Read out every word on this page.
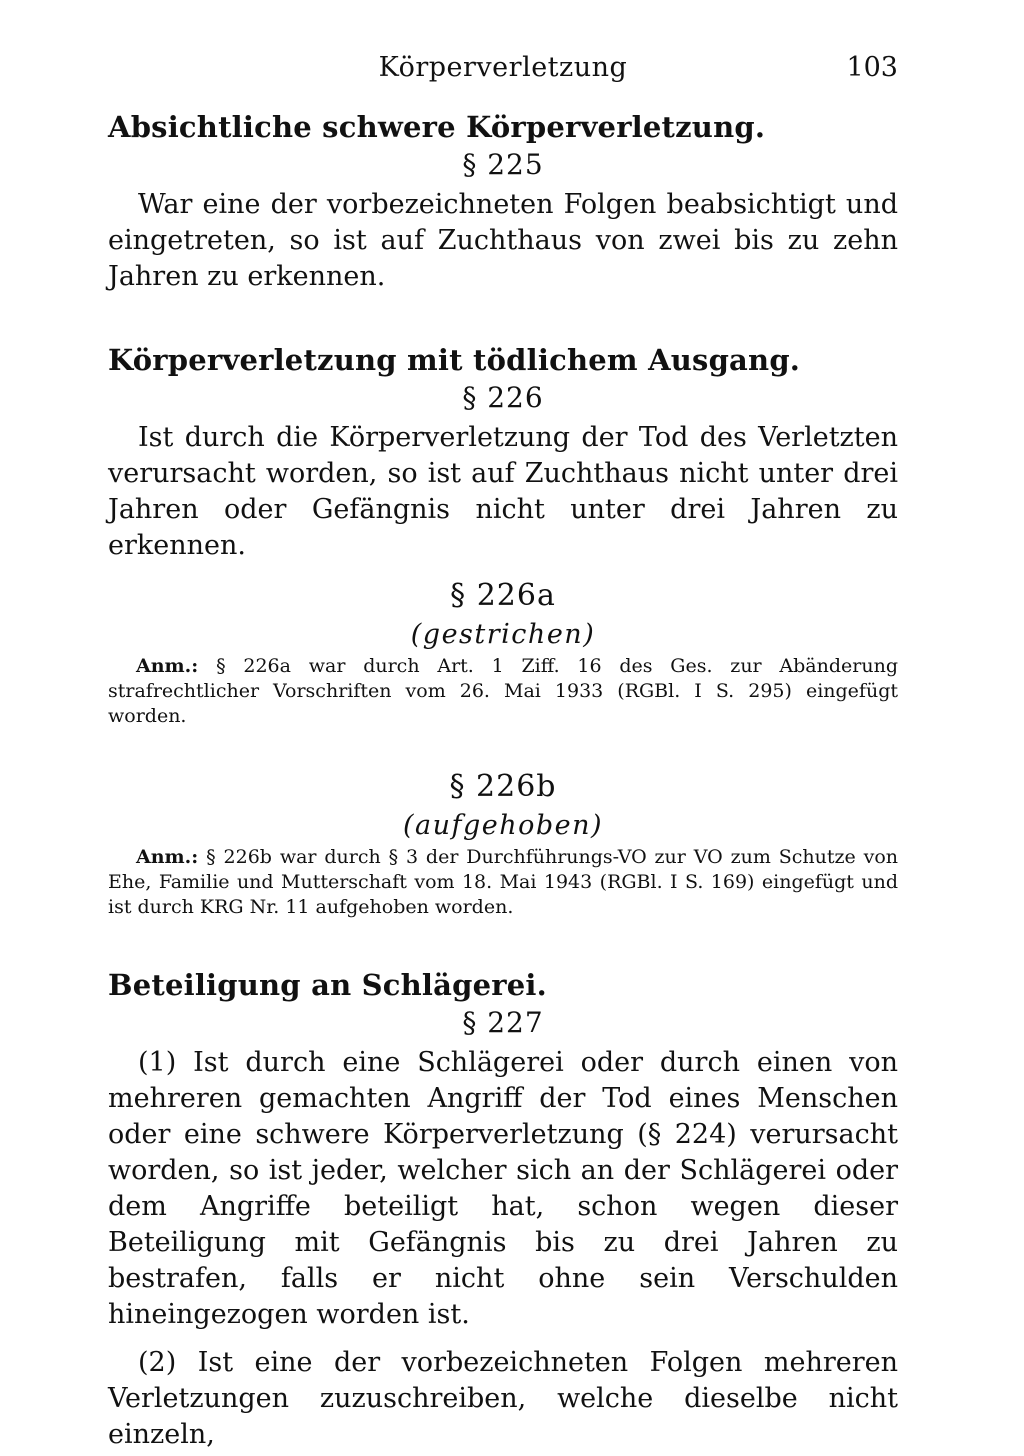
Körperverletzung	103
Absichtliche schwere Körperverletzung.
§ 225

War eine der vorbezeichneten Folgen beabsichtigt und eingetreten, so ist auf Zuchthaus von zwei bis zu zehn Jahren zu erkennen.

Körperverletzung mit tödlichem Ausgang.
§ 226

Ist durch die Körperverletzung der Tod des Verletzten verursacht worden, so ist auf Zuchthaus nicht unter drei Jahren oder Gefängnis nicht unter drei Jahren zu erkennen.

§ 226a
(gestrichen)

Anm.: § 226a war durch Art. 1 Ziff. 16 des Ges. zur Abänderung strafrechtlicher Vorschriften vom 26. Mai 1933 (RGBl. I S. 295) eingefügt worden.

§ 226b
(aufgehoben)

Anm.: § 226b war durch § 3 der Durchführungs-VO zur VO zum Schutze von Ehe, Familie und Mutterschaft vom 18. Mai 1943 (RGBl. I S. 169) eingefügt und ist durch KRG Nr. 11 aufgehoben worden.

Beteiligung an Schlägerei.
§ 227

(1) Ist durch eine Schlägerei oder durch einen von mehreren gemachten Angriff der Tod eines Menschen oder eine schwere Körperverletzung (§ 224) verursacht worden, so ist jeder, welcher sich an der Schlägerei oder dem Angriffe beteiligt hat, schon wegen dieser Beteiligung mit Gefängnis bis zu drei Jahren zu bestrafen, falls er nicht ohne sein Verschulden hineingezogen worden ist.

(2) Ist eine der vorbezeichneten Folgen mehreren Verletzungen zuzuschreiben, welche dieselbe nicht einzeln,
